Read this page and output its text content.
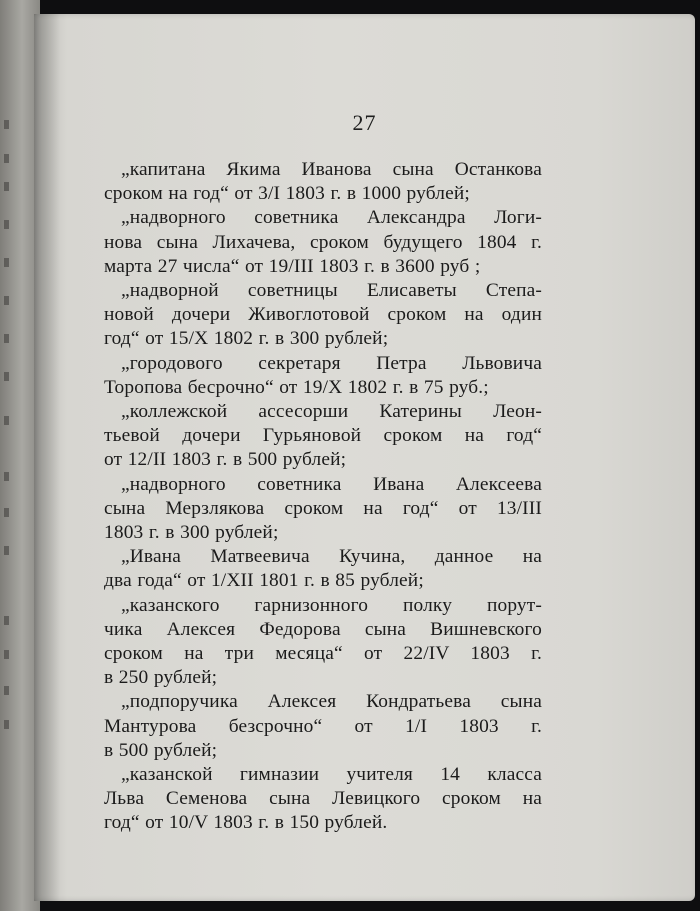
27
„капитана Якима Иванова сына Останкова
сроком на год“ от 3/I 1803 г. в 1000 рублей;
„надворного советника Александра Логи-
нова сына Лихачева, сроком будущего 1804 г.
марта 27 числа“ от 19/III 1803 г. в 3600 руб ;
„надворной советницы Елисаветы Степа-
новой дочери Живоглотовой сроком на один
год“ от 15/X 1802 г. в 300 рублей;
„городового секретаря Петра Львовича
Торопова бесрочно“ от 19/X 1802 г. в 75 руб.;
„коллежской ассесорши Катерины Леон-
тьевой дочери Гурьяновой сроком на год“
от 12/II 1803 г. в 500 рублей;
„надворного советника Ивана Алексеева
сына Мерзлякова сроком на год“ от 13/III
1803 г. в 300 рублей;
„Ивана Матвеевича Кучина, данное на
два года“ от 1/XII 1801 г. в 85 рублей;
„казанского гарнизонного полку порут-
чика Алексея Федорова сына Вишневского
сроком на три месяца“ от 22/IV 1803 г.
в 250 рублей;
„подпоручика Алексея Кондратьева сына
Мантурова безсрочно“ от 1/I 1803 г.
в 500 рублей;
„казанской гимназии учителя 14 класса
Льва Семенова сына Левицкого сроком на
год“ от 10/V 1803 г. в 150 рублей.
